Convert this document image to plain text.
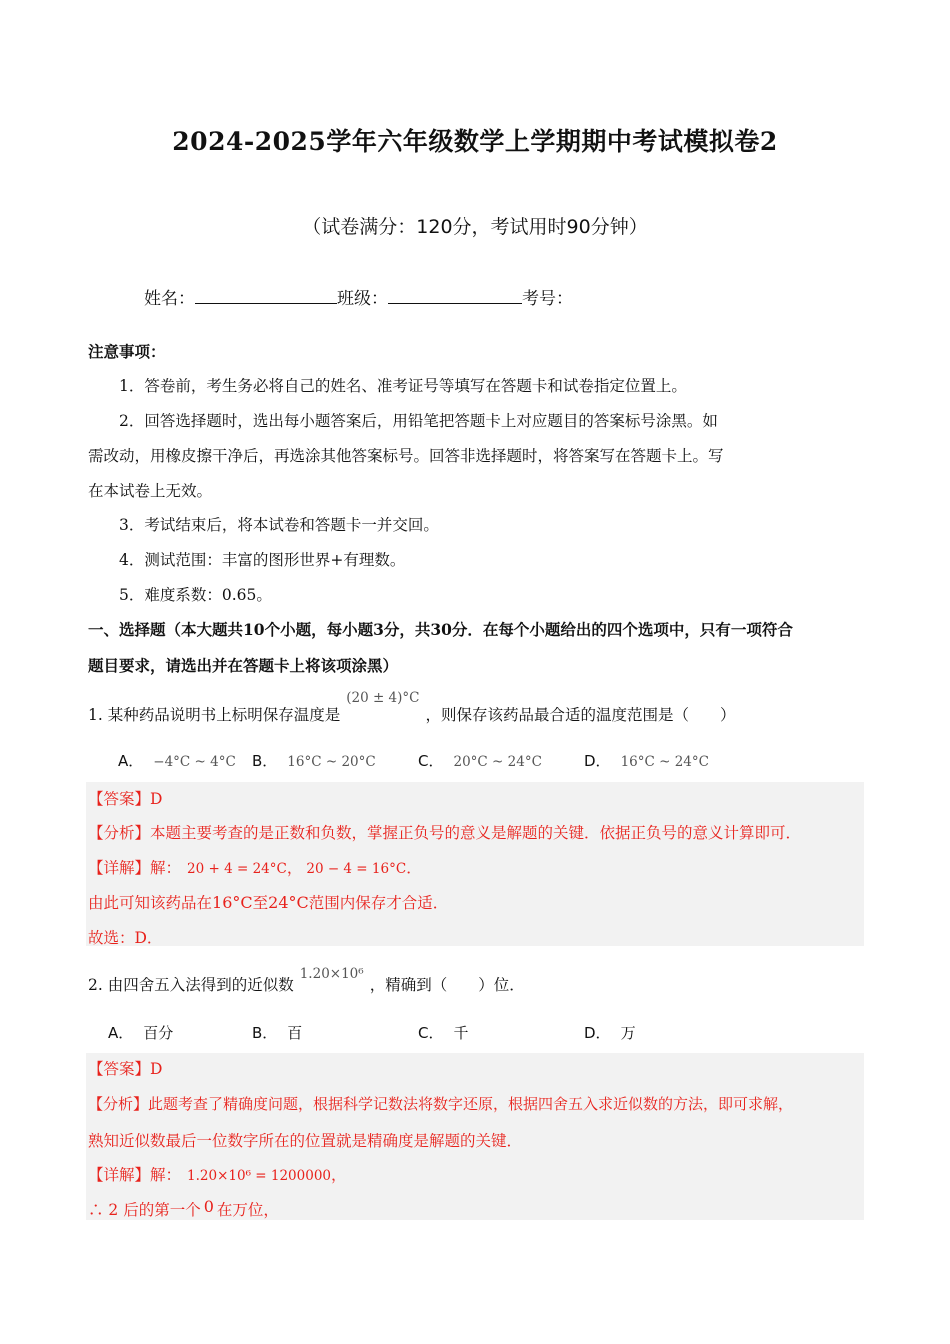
2024-2025学年六年级数学上学期期中考试模拟卷2
（试卷满分：120分，考试用时90分钟）
姓名：	班级：	考号：
注意事项：
1．答卷前，考生务必将自己的姓名、准考证号等填写在答题卡和试卷指定位置上。
2．回答选择题时，选出每小题答案后，用铅笔把答题卡上对应题目的答案标号涂黑。如
需改动，用橡皮擦干净后，再选涂其他答案标号。回答非选择题时，将答案写在答题卡上。写
在本试卷上无效。
3．考试结束后，将本试卷和答题卡一并交回。
4．测试范围：丰富的图形世界+有理数。
5．难度系数：0.65。
一、选择题（本大题共10个小题，每小题3分，共30分．在每个小题给出的四个选项中，只有一项符合
题目要求，请选出并在答题卡上将该项涂黑）
1. 某种药品说明书上标明保存温度是(20 ± 4)°C，则保存该药品最合适的温度范围是（　　）
A． −4°C ~ 4°C B． 16°C ~ 20°C	C． 20°C ~ 24°C	D． 16°C ~ 24°C
【答案】D
【分析】本题主要考查的是正数和负数，掌握正负号的意义是解题的关键．依据正负号的意义计算即可．
【详解】解： 20 + 4 = 24°C， 20 − 4 = 16°C．
由此可知该药品在16°C至24°C范围内保存才合适．
故选：D．
2. 由四舍五入法得到的近似数1.20×10⁶，精确到（　　）位．
A． 百分	B． 百	C． 千	D． 万
【答案】D
【分析】此题考查了精确度问题，根据科学记数法将数字还原，根据四舍五入求近似数的方法，即可求解，
熟知近似数最后一位数字所在的位置就是精确度是解题的关键．
【详解】解： 1.20×10⁶ = 1200000，
∴ 2 后的第一个 0 在万位，
